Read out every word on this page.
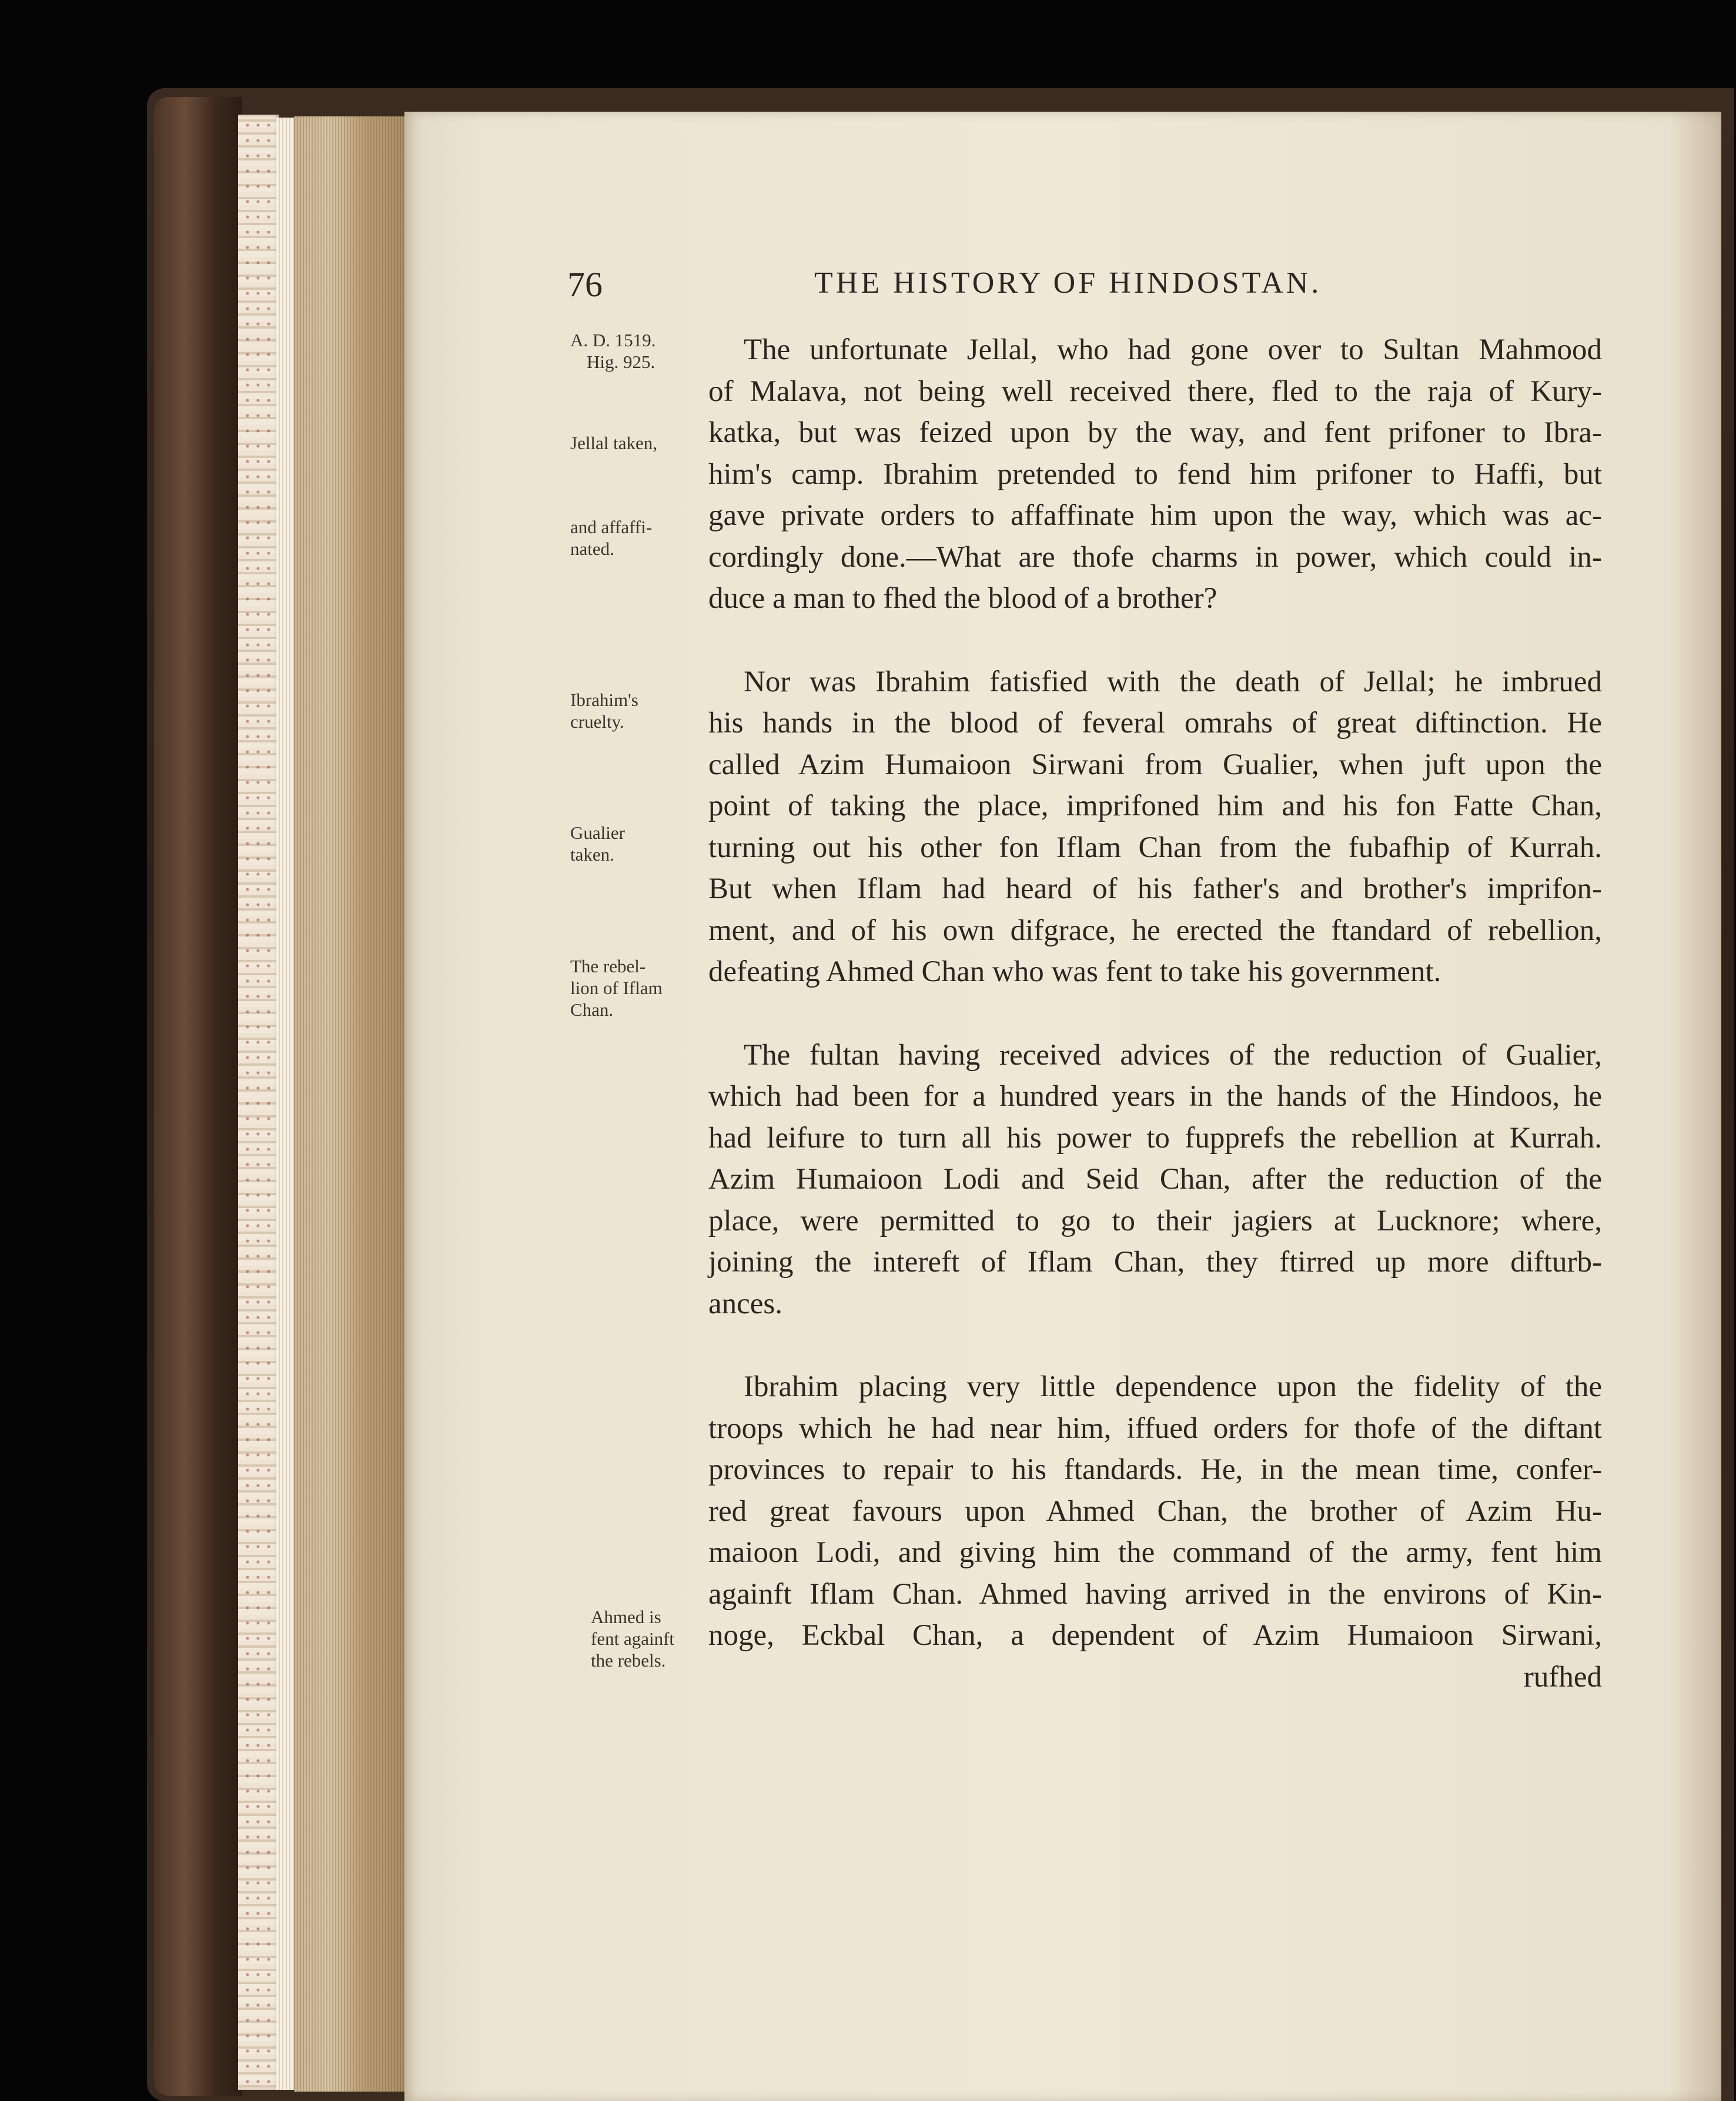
76	THE HISTORY OF HINDOSTAN.
A. D. 1519.
Hig. 925.
Jellal taken,
and affaffi-
nated.
Ibrahim's
cruelty.
Gualier
taken.
The rebel-
lion of Iflam
Chan.
Ahmed is
fent againft
the rebels.
The unfortunate Jellal, who had gone over to Sultan Mahmood
of Malava, not being well received there, fled to the raja of Kury-
katka, but was feized upon by the way, and fent prifoner to Ibra-
him's camp. Ibrahim pretended to fend him prifoner to Haffi, but
gave private orders to affaffinate him upon the way, which was ac-
cordingly done.—What are thofe charms in power, which could in-
duce a man to fhed the blood of a brother?
Nor was Ibrahim fatisfied with the death of Jellal; he imbrued
his hands in the blood of feveral omrahs of great diftinction. He
called Azim Humaioon Sirwani from Gualier, when juft upon the
point of taking the place, imprifoned him and his fon Fatte Chan,
turning out his other fon Iflam Chan from the fubafhip of Kurrah.
But when Iflam had heard of his father's and brother's imprifon-
ment, and of his own difgrace, he erected the ftandard of rebellion,
defeating Ahmed Chan who was fent to take his government.
The fultan having received advices of the reduction of Gualier,
which had been for a hundred years in the hands of the Hindoos, he
had leifure to turn all his power to fupprefs the rebellion at Kurrah.
Azim Humaioon Lodi and Seid Chan, after the reduction of the
place, were permitted to go to their jagiers at Lucknore; where,
joining the intereft of Iflam Chan, they ftirred up more difturb-
ances.
Ibrahim placing very little dependence upon the fidelity of the
troops which he had near him, iffued orders for thofe of the diftant
provinces to repair to his ftandards. He, in the mean time, confer-
red great favours upon Ahmed Chan, the brother of Azim Hu-
maioon Lodi, and giving him the command of the army, fent him
againft Iflam Chan. Ahmed having arrived in the environs of Kin-
noge, Eckbal Chan, a dependent of Azim Humaioon Sirwani,
rufhed
